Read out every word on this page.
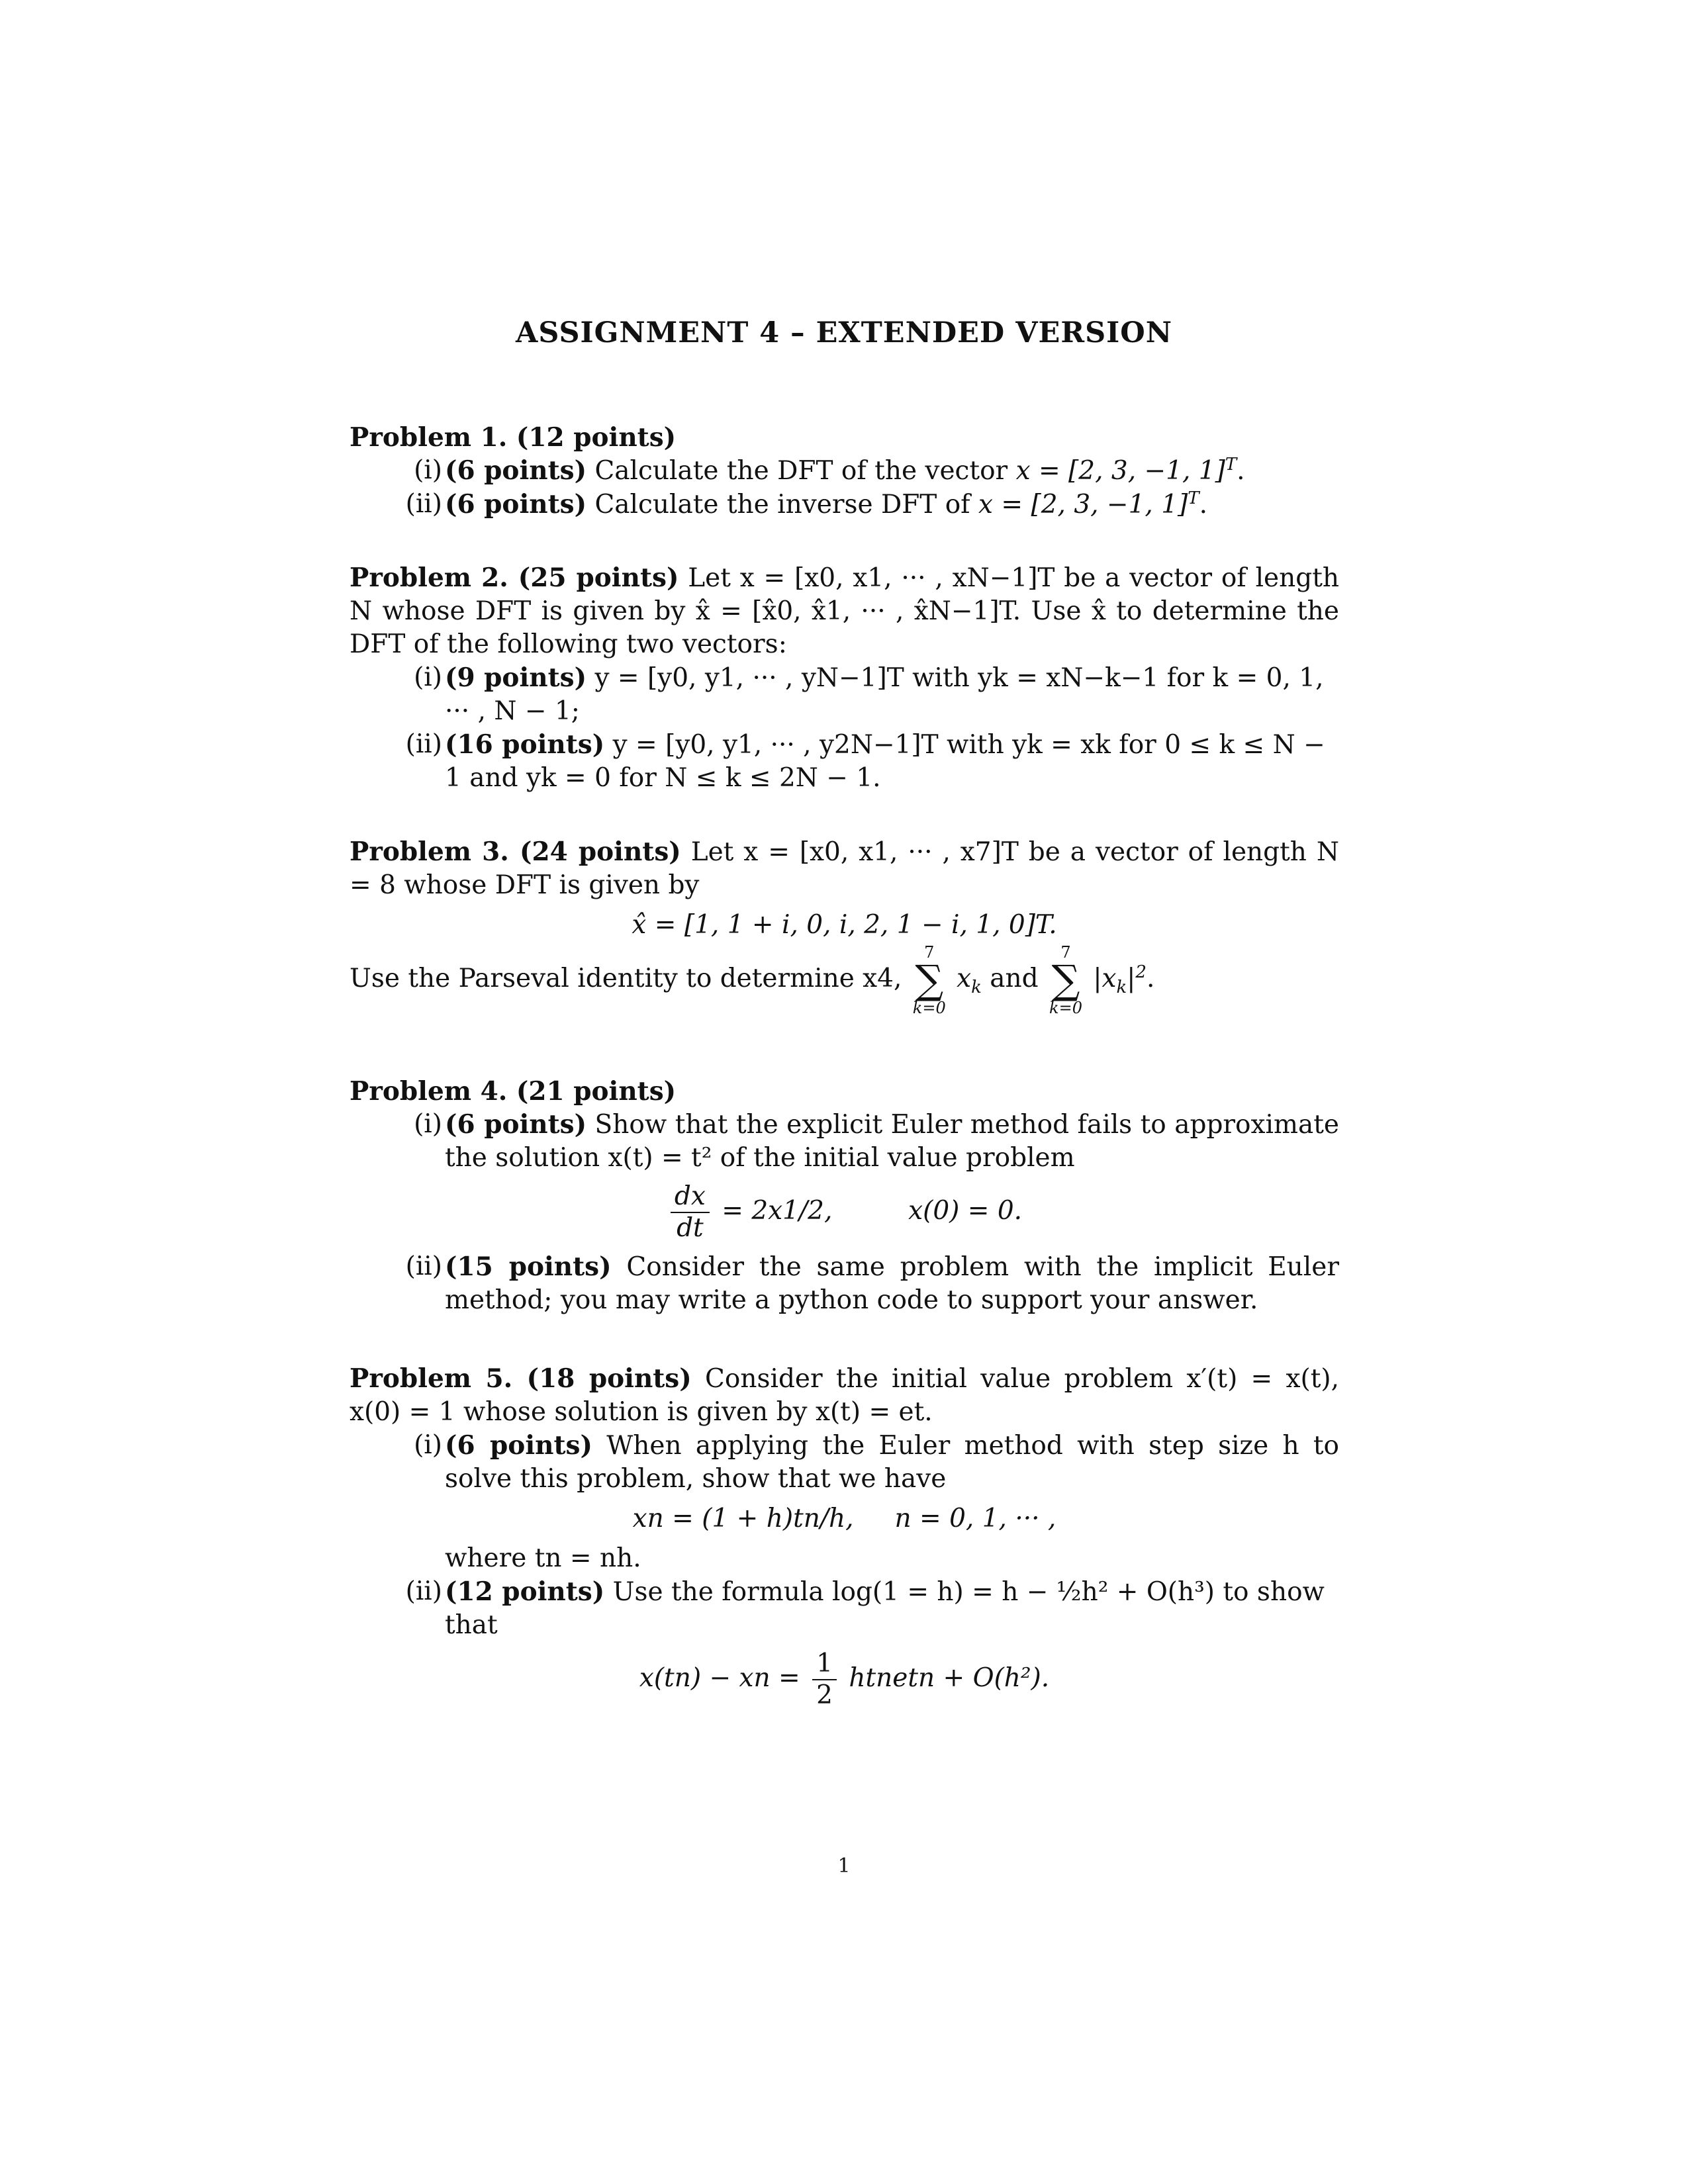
ASSIGNMENT 4 – EXTENDED VERSION
Problem 1. (12 points)
(i) (6 points) Calculate the DFT of the vector x = [2, 3, −1, 1]$^T$.
(ii) (6 points) Calculate the inverse DFT of x = [2, 3, −1, 1]$^T$.
Problem 2. (25 points) Let x = [x0, x1, ··· , xN−1]T be a vector of length N whose DFT is given by x̂ = [x̂0, x̂1, ··· , x̂N−1]T. Use x̂ to determine the DFT of the following two vectors:
(i) (9 points) y = [y0, y1, ··· , yN−1]T with yk = xN−k−1 for k = 0, 1, ··· , N − 1;
(ii) (16 points) y = [y0, y1, ··· , y2N−1]T with yk = xk for 0 ≤ k ≤ N − 1 and yk = 0 for N ≤ k ≤ 2N − 1.
Problem 3. (24 points) Let x = [x0, x1, ··· , x7]T be a vector of length N = 8 whose DFT is given by
x̂ = [1, 1 + i, 0, i, 2, 1 − i, 1, 0]T.
Use the Parseval identity to determine x4,
7
∑
k=0
$x_k$ and
7
∑
k=0
$|x_k|^2$.
Problem 4. (21 points)
(i) (6 points) Show that the explicit Euler method fails to approximate the solution x(t) = t² of the initial value problem
$\frac{dx}{dt} = 2x1/2$,	x(0) = 0.
(ii) (15 points) Consider the same problem with the implicit Euler method; you may write a python code to support your answer.
Problem 5. (18 points) Consider the initial value problem x′(t) = x(t), x(0) = 1 whose solution is given by x(t) = et.
(i) (6 points) When applying the Euler method with step size h to solve this problem, show that we have
xn = (1 + h)tn/h,     n = 0, 1, ··· ,
where tn = nh.
(ii) (12 points) Use the formula log(1 = h) = h − ½h² + O(h³) to show that
x(tn) − xn = $\frac{1}{2}$ htnetn + O(h²).
1
